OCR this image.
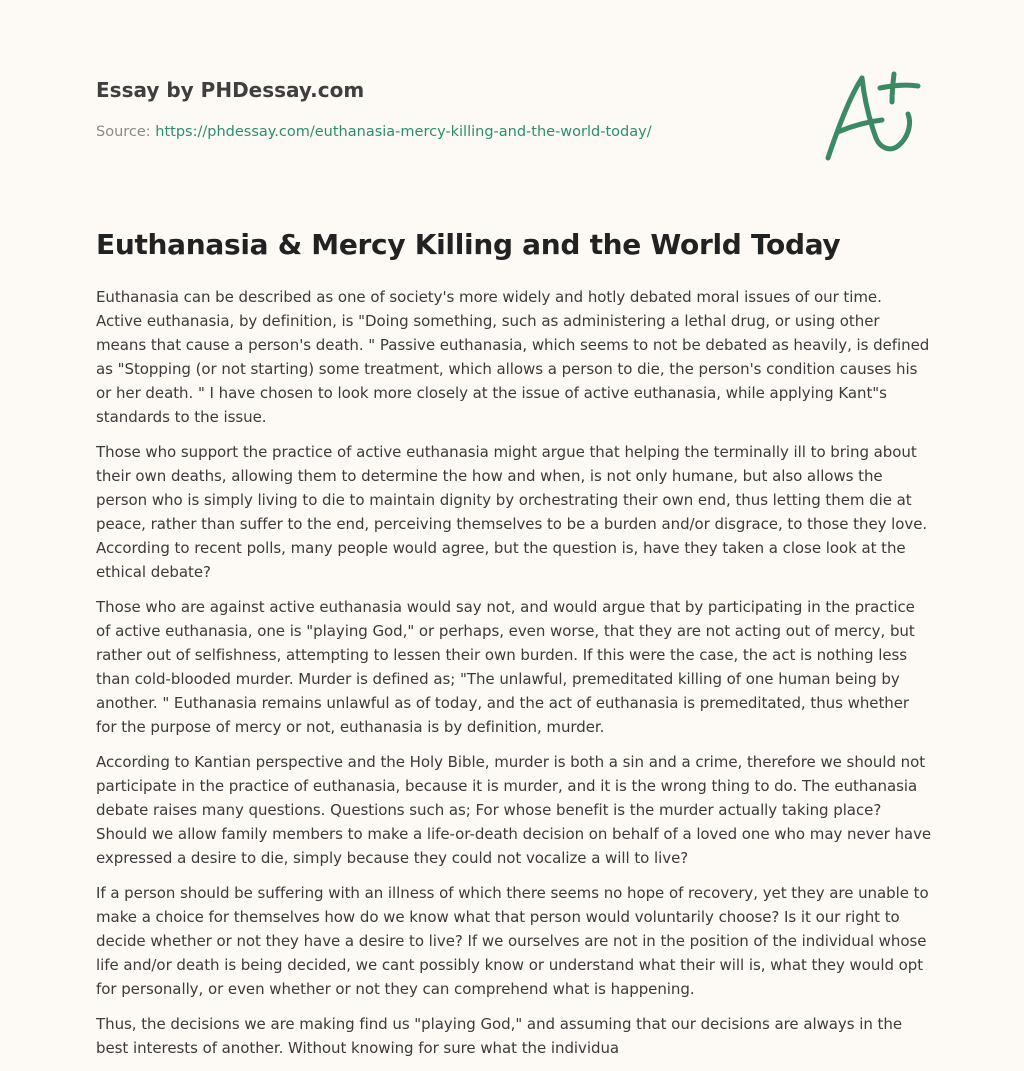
Essay by PHDessay.com
Source: https://phdessay.com/euthanasia-mercy-killing-and-the-world-today/
Euthanasia & Mercy Killing and the World Today

Euthanasia can be described as one of society's more widely and hotly debated moral issues of our time. Active euthanasia, by definition, is "Doing something, such as administering a lethal drug, or using other means that cause a person's death. " Passive euthanasia, which seems to not be debated as heavily, is defined as "Stopping (or not starting) some treatment, which allows a person to die, the person's condition causes his or her death. " I have chosen to look more closely at the issue of active euthanasia, while applying Kant"s standards to the issue.

Those who support the practice of active euthanasia might argue that helping the terminally ill to bring about their own deaths, allowing them to determine the how and when, is not only humane, but also allows the person who is simply living to die to maintain dignity by orchestrating their own end, thus letting them die at peace, rather than suffer to the end, perceiving themselves to be a burden and/or disgrace, to those they love. According to recent polls, many people would agree, but the question is, have they taken a close look at the ethical debate?

Those who are against active euthanasia would say not, and would argue that by participating in the practice of active euthanasia, one is "playing God," or perhaps, even worse, that they are not acting out of mercy, but rather out of selfishness, attempting to lessen their own burden. If this were the case, the act is nothing less than cold-blooded murder. Murder is defined as; "The unlawful, premeditated killing of one human being by another. " Euthanasia remains unlawful as of today, and the act of euthanasia is premeditated, thus whether for the purpose of mercy or not, euthanasia is by definition, murder.

According to Kantian perspective and the Holy Bible, murder is both a sin and a crime, therefore we should not participate in the practice of euthanasia, because it is murder, and it is the wrong thing to do. The euthanasia debate raises many questions. Questions such as; For whose benefit is the murder actually taking place? Should we allow family members to make a life-or-death decision on behalf of a loved one who may never have expressed a desire to die, simply because they could not vocalize a will to live?

If a person should be suffering with an illness of which there seems no hope of recovery, yet they are unable to make a choice for themselves how do we know what that person would voluntarily choose? Is it our right to decide whether or not they have a desire to live? If we ourselves are not in the position of the individual whose life and/or death is being decided, we cant possibly know or understand what their will is, what they would opt for personally, or even whether or not they can comprehend what is happening.

Thus, the decisions we are making find us "playing God," and assuming that our decisions are always in the best interests of another. Without knowing for sure what the individua
